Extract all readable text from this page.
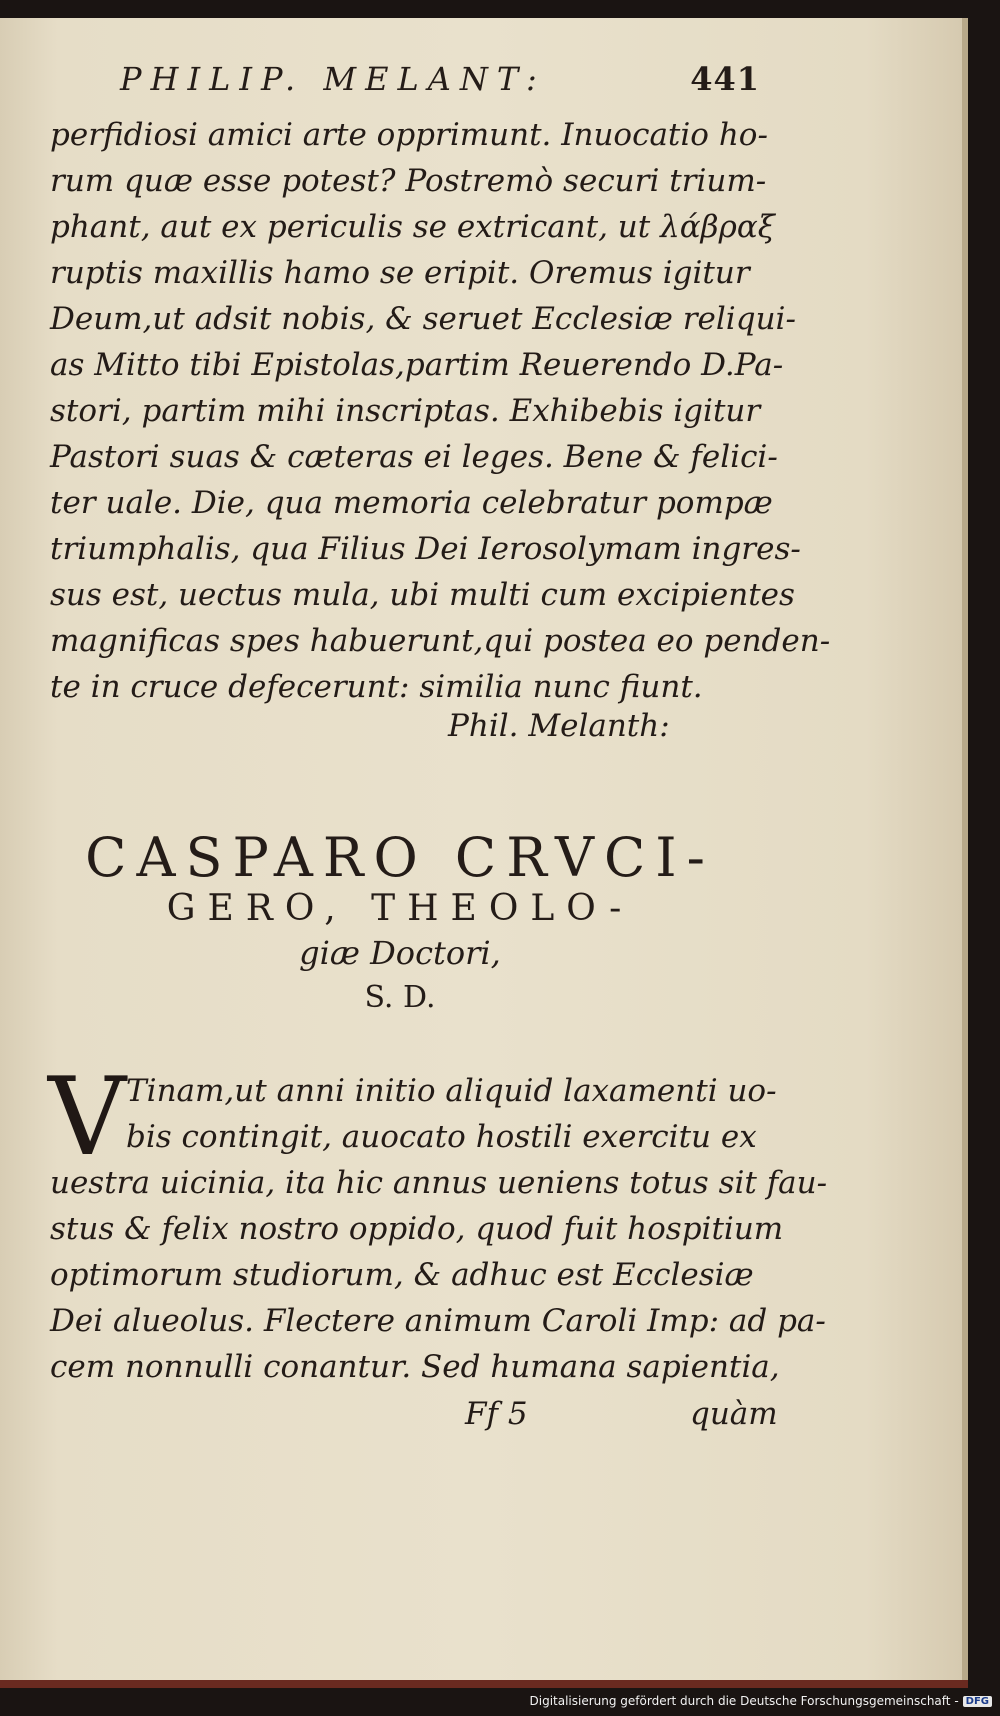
PHILIP. MELANT:	441
perfidiosi amici arte opprimunt. Inuocatio ho-
rum quæ esse potest? Postremò securi trium-
phant, aut ex periculis se extricant, ut λάβραξ
ruptis maxillis hamo se eripit. Oremus igitur
Deum,ut adsit nobis, & seruet Ecclesiæ reliqui-
as Mitto tibi Epistolas,partim Reuerendo D.Pa-
stori, partim mihi inscriptas. Exhibebis igitur
Pastori suas & cæteras ei leges. Bene & felici-
ter uale. Die, qua memoria celebratur pompæ
triumphalis, qua Filius Dei Ierosolymam ingres-
sus est, uectus mula, ubi multi cum excipientes
magnificas spes habuerunt,qui postea eo penden-
te in cruce defecerunt: similia nunc fiunt.
Phil. Melanth:
CASPARO CRVCI-
GERO, THEOLO-
giæ Doctori,
S. D.
V Tinam,ut anni initio aliquid laxamenti uo-
bis contingit, auocato hostili exercitu ex
uestra uicinia, ita hic annus ueniens totus sit fau-
stus & felix nostro oppido, quod fuit hospitium
optimorum studiorum, & adhuc est Ecclesiæ
Dei alueolus. Flectere animum Caroli Imp: ad pa-
cem nonnulli conantur. Sed humana sapientia,
Ff 5	quàm
Digitalisierung gefördert durch die Deutsche Forschungsgemeinschaft - DFG
